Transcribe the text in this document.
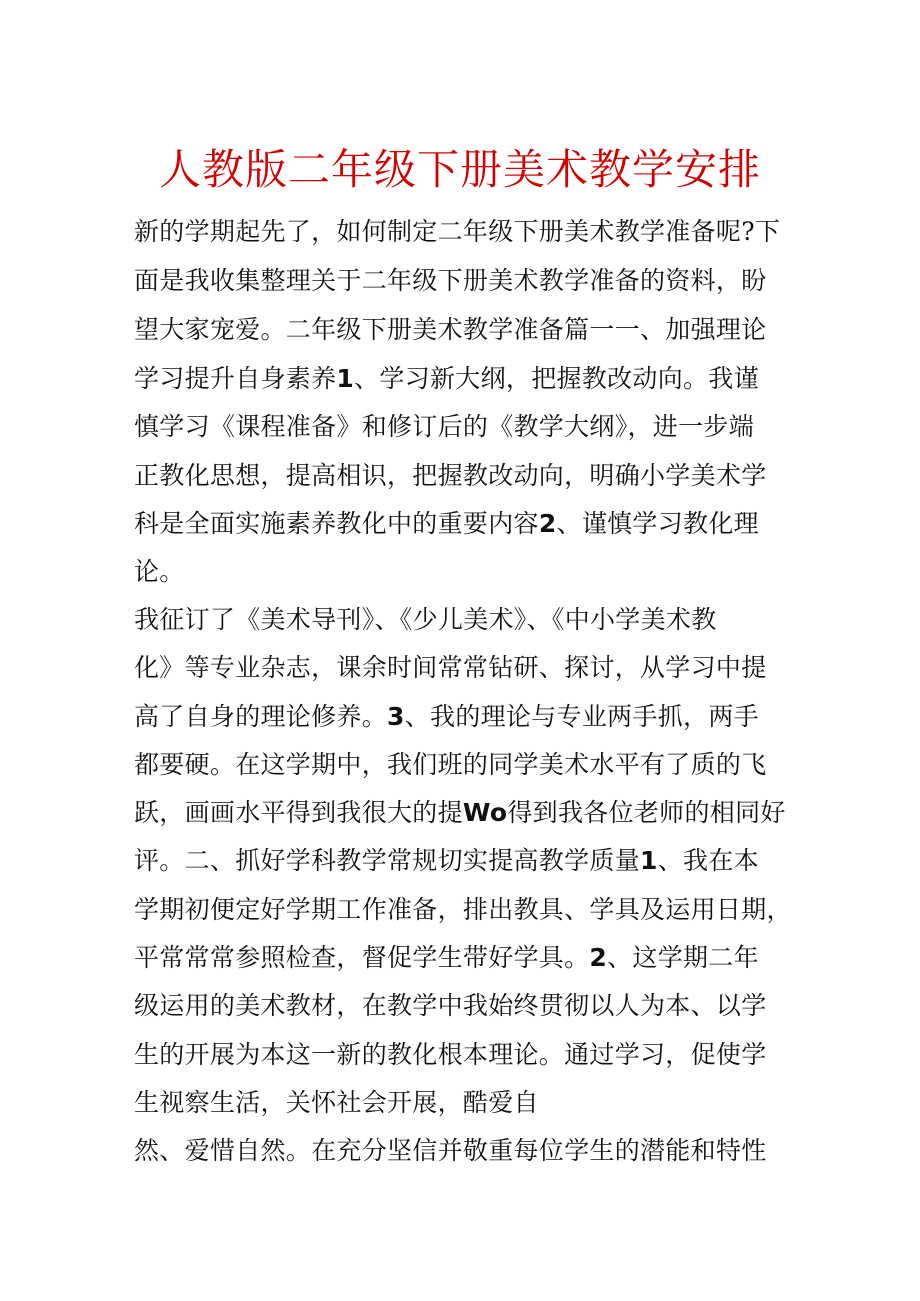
人教版二年级下册美术教学安排
新的学期起先了，如何制定二年级下册美术教学准备呢?下
面是我收集整理关于二年级下册美术教学准备的资料，盼
望大家宠爱。二年级下册美术教学准备篇一一、加强理论
学习提升自身素养1、学习新大纲，把握教改动向。我谨
慎学习《课程准备》和修订后的《教学大纲》，进一步端
正教化思想，提高相识，把握教改动向，明确小学美术学
科是全面实施素养教化中的重要内容2、谨慎学习教化理
论。
我征订了《美术导刊》、《少儿美术》、《中小学美术教
化》等专业杂志，课余时间常常钻研、探讨，从学习中提
高了自身的理论修养。3、我的理论与专业两手抓，两手
都要硬。在这学期中，我们班的同学美术水平有了质的飞
跃，画画水平得到我很大的提Wo得到我各位老师的相同好
评。二、抓好学科教学常规切实提高教学质量1、我在本
学期初便定好学期工作准备，排出教具、学具及运用日期，
平常常常参照检查，督促学生带好学具。2、这学期二年
级运用的美术教材，在教学中我始终贯彻以人为本、以学
生的开展为本这一新的教化根本理论。通过学习，促使学
生视察生活，关怀社会开展，酷爱自
然、爱惜自然。在充分坚信并敬重每位学生的潜能和特性
